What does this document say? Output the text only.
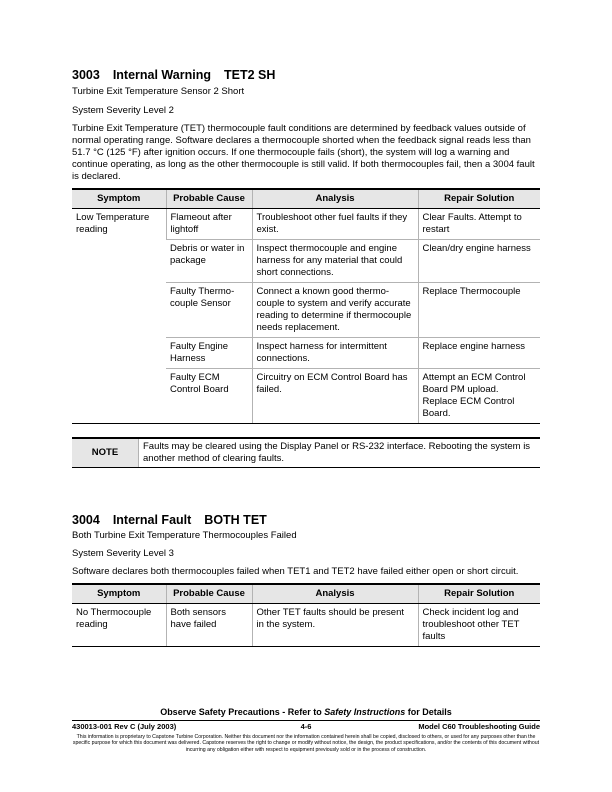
3003 Internal Warning TET2 SH

Turbine Exit Temperature Sensor 2 Short

System Severity Level 2

Turbine Exit Temperature (TET) thermocouple fault conditions are determined by feedback values outside of normal operating range. Software declares a thermocouple shorted when the feedback signal reads less than 51.7 °C (125 °F) after ignition occurs. If one thermocouple fails (short), the system will log a warning and continue operating, as long as the other thermocouple is still valid. If both thermocouples fail, then a 3004 fault is declared.

Symptom	Probable Cause	Analysis	Repair Solution
Low Temperature reading	Flameout after lightoff	Troubleshoot other fuel faults if they exist.	Clear Faults. Attempt to restart
	Debris or water in package	Inspect thermocouple and engine harness for any material that could short connections.	Clean/dry engine harness
	Faulty Thermo-couple Sensor	Connect a known good thermo-couple to system and verify accurate reading to determine if thermocouple needs replacement.	Replace Thermocouple
	Faulty Engine Harness	Inspect harness for intermittent connections.	Replace engine harness
	Faulty ECM Control Board	Circuitry on ECM Control Board has failed.	Attempt an ECM Control Board PM upload. Replace ECM Control Board.
NOTE
Faults may be cleared using the Display Panel or RS-232 interface. Rebooting the system is another method of clearing faults.
3004 Internal Fault BOTH TET

Both Turbine Exit Temperature Thermocouples Failed

System Severity Level 3

Software declares both thermocouples failed when TET1 and TET2 have failed either open or short circuit.

Symptom	Probable Cause	Analysis	Repair Solution
No Thermocouple reading	Both sensors have failed	Other TET faults should be present in the system.	Check incident log and troubleshoot other TET faults
Observe Safety Precautions - Refer to Safety Instructions for Details
430013-001 Rev C (July 2003)	4-6	Model C60 Troubleshooting Guide
This information is proprietary to Capstone Turbine Corporation. Neither this document nor the information contained herein shall be copied, disclosed to others, or used for any purposes other than the specific purpose for which this document was delivered. Capstone reserves the right to change or modify without notice, the design, the product specifications, and/or the contents of this document without incurring any obligation either with respect to equipment previously sold or in the process of construction.
